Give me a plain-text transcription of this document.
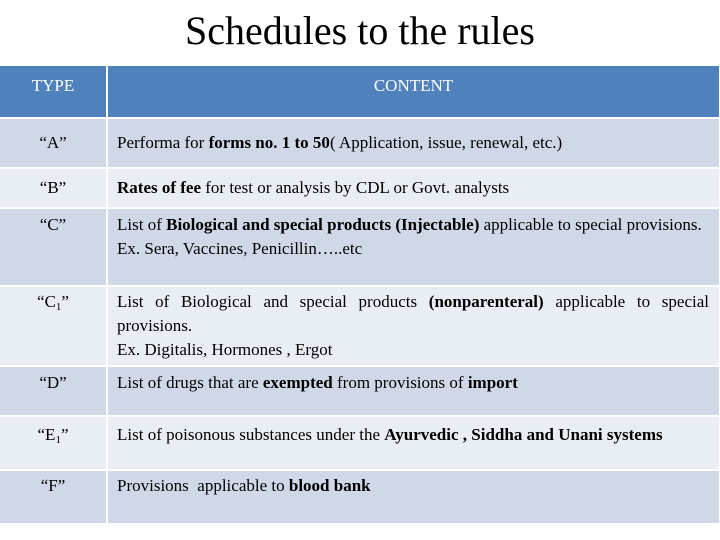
Schedules to the rules
TYPE	CONTENT
“A”	Performa for forms no. 1 to 50( Application, issue, renewal, etc.)
“B”	Rates of fee for test or analysis by CDL or Govt. analysts
“C”	List of Biological and special products (Injectable) applicable to special provisions.
Ex. Sera, Vaccines, Penicillin…..etc

“$C_1$”	List of Biological and special products (nonparenteral) applicable to special provisions.
Ex. Digitalis, Hormones , Ergot

“D”	List of drugs that are exempted from provisions of import
“$E_1$”	List of poisonous substances under the Ayurvedic , Siddha and Unani systems
“F”	Provisions  applicable to blood bank
